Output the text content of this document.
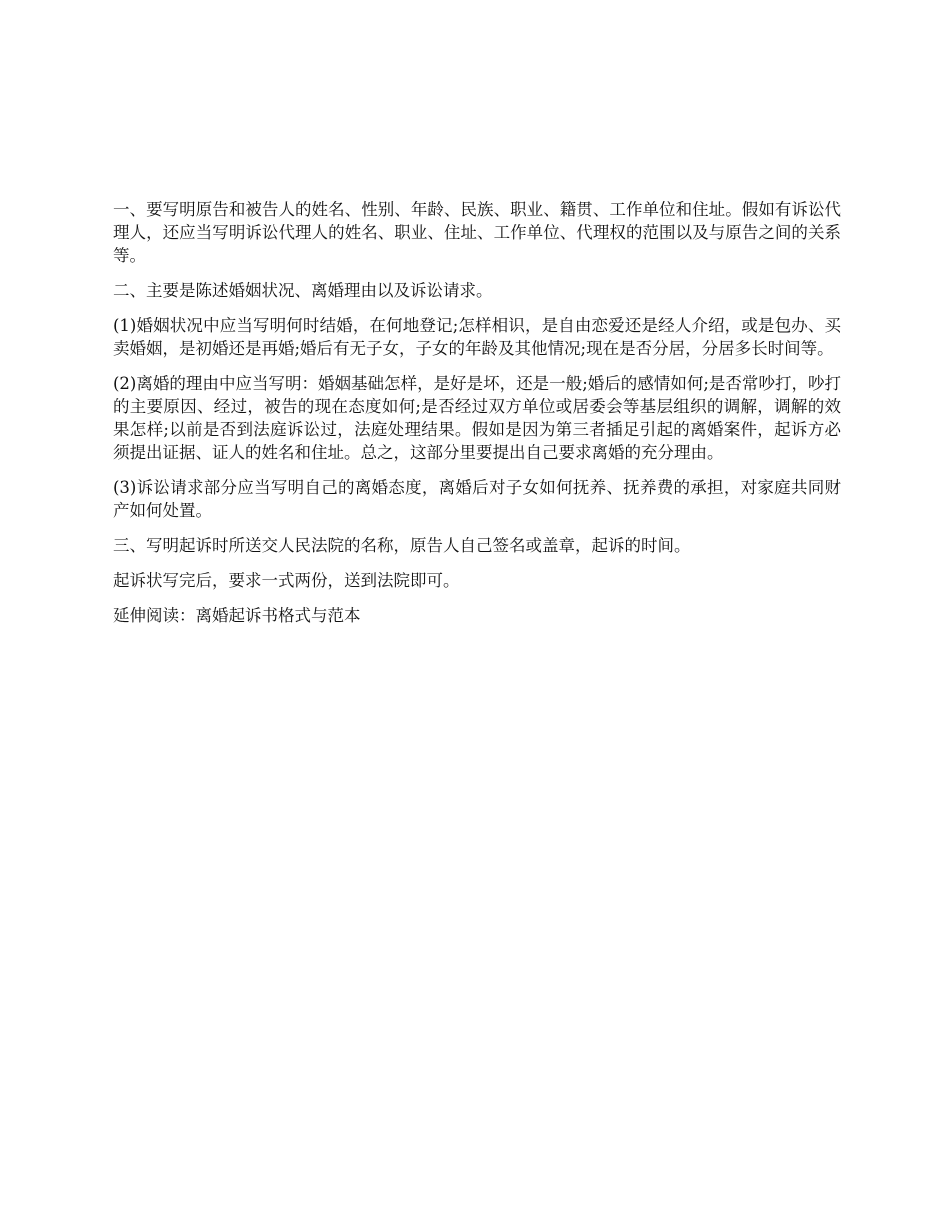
一、要写明原告和被告人的姓名、性别、年龄、民族、职业、籍贯、工作单位和住址。假如有诉讼代理人，还应当写明诉讼代理人的姓名、职业、住址、工作单位、代理权的范围以及与原告之间的关系等。

二、主要是陈述婚姻状况、离婚理由以及诉讼请求。

(1)婚姻状况中应当写明何时结婚，在何地登记;怎样相识，是自由恋爱还是经人介绍，或是包办、买卖婚姻，是初婚还是再婚;婚后有无子女，子女的年龄及其他情况;现在是否分居，分居多长时间等。

(2)离婚的理由中应当写明：婚姻基础怎样，是好是坏，还是一般;婚后的感情如何;是否常吵打，吵打的主要原因、经过，被告的现在态度如何;是否经过双方单位或居委会等基层组织的调解，调解的效果怎样;以前是否到法庭诉讼过，法庭处理结果。假如是因为第三者插足引起的离婚案件，起诉方必须提出证据、证人的姓名和住址。总之，这部分里要提出自己要求离婚的充分理由。

(3)诉讼请求部分应当写明自己的离婚态度，离婚后对子女如何抚养、抚养费的承担，对家庭共同财产如何处置。

三、写明起诉时所送交人民法院的名称，原告人自己签名或盖章，起诉的时间。

起诉状写完后，要求一式两份，送到法院即可。

延伸阅读：离婚起诉书格式与范本
